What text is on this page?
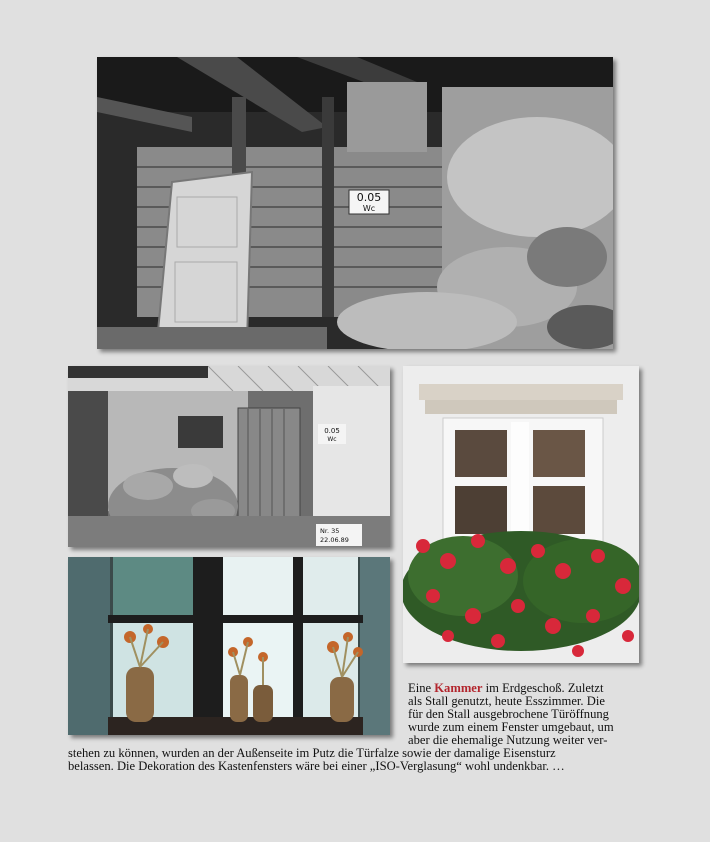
0.05
Wc
0.05
Wc
Nr. 35
22.06.89
Eine Kammer im Erdgeschoß. Zuletzt
als Stall genutzt, heute Esszimmer. Die
für den Stall ausgebrochene Türöffnung
wurde zum einem Fenster umgebaut, um
aber die ehemalige Nutzung weiter ver-
stehen zu können, wurden an der Außenseite im Putz die Türfalze sowie der damalige Eisensturz
belassen. Die Dekoration des Kastenfensters wäre bei einer „ISO-Verglasung“ wohl undenkbar. …
